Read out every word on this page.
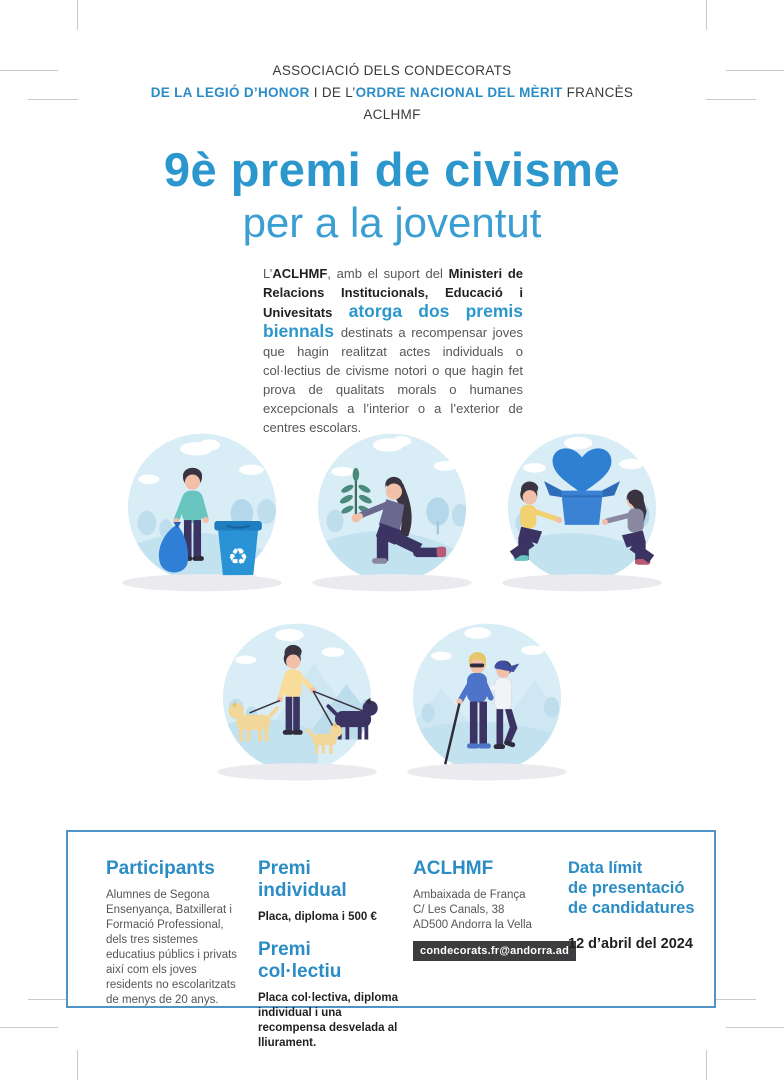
ASSOCIACIÓ DELS CONDECORATS
DE LA LEGIÓ D’HONOR I DE L’ORDRE NACIONAL DEL MÈRIT FRANCÈS
ACLHMF
9è premi de civisme
per a la joventut

L’ACLHMF, amb el suport del Ministeri de Relacions Institucionals, Educació i Univesitats atorga dos premis biennals destinats a recompensar joves que hagin realitzat actes individuals o col·lectius de civisme notori o que hagin fet prova de qualitats morals o humanes excepcionals a l’interior o a l’exterior de centres escolars.

♻
Participants
Alumnes de Segona Ensenyança, Batxillerat i Formació Professional, dels tres sistemes educatius públics i privats així com els joves residents no escolaritzats de menys de 20 anys.
Premi individual
Placa, diploma i 500 €
Premi col·lectiu
Placa col·lectiva, diploma individual i una recompensa desvelada al lliurament.
ACLHMF
Ambaixada de França
C/ Les Canals, 38
AD500 Andorra la Vella
condecorats.fr@andorra.ad
Data límit
de presentació
de candidatures
12 d’abril del 2024
